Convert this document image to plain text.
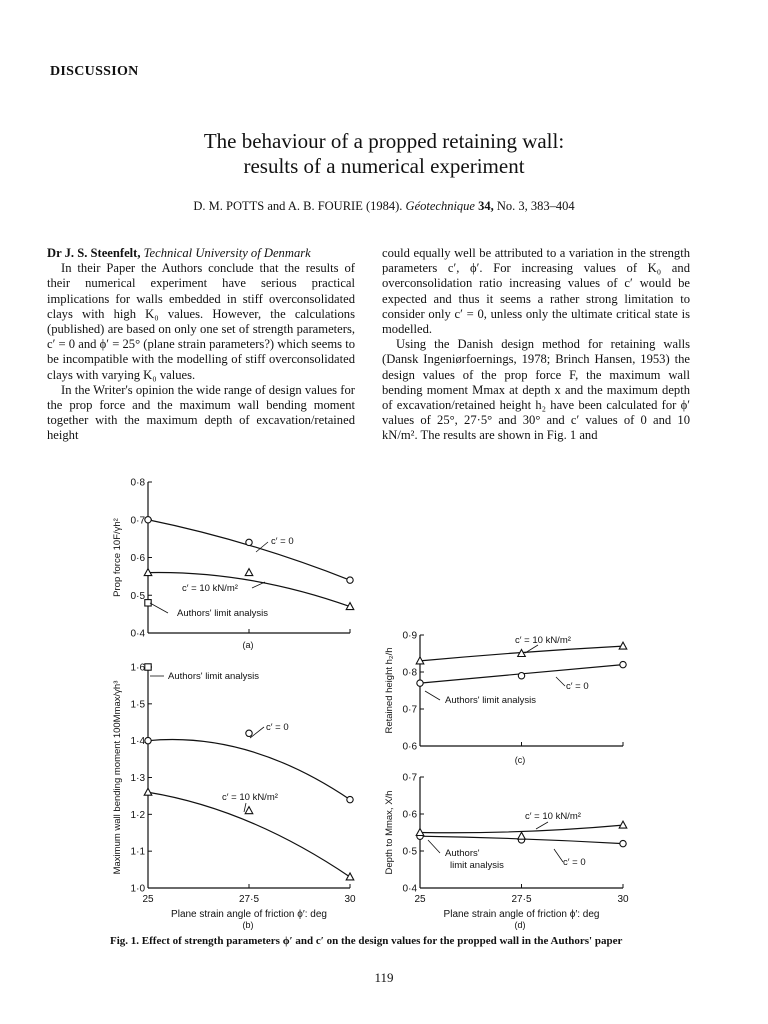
DISCUSSION
The behaviour of a propped retaining wall:
results of a numerical experiment
D. M. POTTS and A. B. FOURIE (1984). Géotechnique 34, No. 3, 383–404

Dr J. S. Steenfelt, Technical University of Denmark

In their Paper the Authors conclude that the results of their numerical experiment have serious practical implications for walls embedded in stiff overconsolidated clays with high K₀ values. However, the calculations (published) are based on only one set of strength parameters, c′ = 0 and ϕ′ = 25° (plane strain parameters?) which seems to be incompatible with the modelling of stiff overconsolidated clays with varying K₀ values.

In the Writer's opinion the wide range of design values for the prop force and the maximum wall bending moment together with the maximum depth of excavation/retained height

could equally well be attributed to a variation in the strength parameters c′, ϕ′. For increasing values of K₀ and overconsolidation ratio increasing values of c′ would be expected and thus it seems a rather strong limitation to consider only c′ = 0, unless only the ultimate critical state is modelled.

Using the Danish design method for retaining walls (Dansk Ingeniørfoernings, 1978; Brinch Hansen, 1953) the design values of the prop force F, the maximum wall bending moment Mmax at depth x and the maximum depth of excavation/retained height h₂ have been calculated for ϕ′ values of 25°, 27·5° and 30° and c′ values of 0 and 10 kN/m². The results are shown in Fig. 1 and

0·4
0·5
0·6
0·7
0·8
Prop force 10F/γh²
(a)
1·0
1·1
1·2
1·3
1·4
1·5
1·6
25	27·5	30
Plane strain angle of friction ϕ′: deg
Maximum wall bending moment 100Mmax/γh³
(b)
0·6
0·7
0·8
0·9
Retained height h₂/h
(c)
0·4
0·5
0·6
0·7
25	27·5	30
Plane strain angle of friction ϕ′: deg
Depth to Mmax, X/h
(d)
c′ = 0
c′ = 10 kN/m²
Authors' limit analysis
Authors' limit analysis
c′ = 0
c′ = 10 kN/m²
c′ = 10 kN/m²
c′ = 0
Authors' limit analysis
c′ = 10 kN/m²
c′ = 0
Authors'
limit analysis
Fig. 1. Effect of strength parameters ϕ′ and c′ on the design values for the propped wall in the Authors' paper
119
